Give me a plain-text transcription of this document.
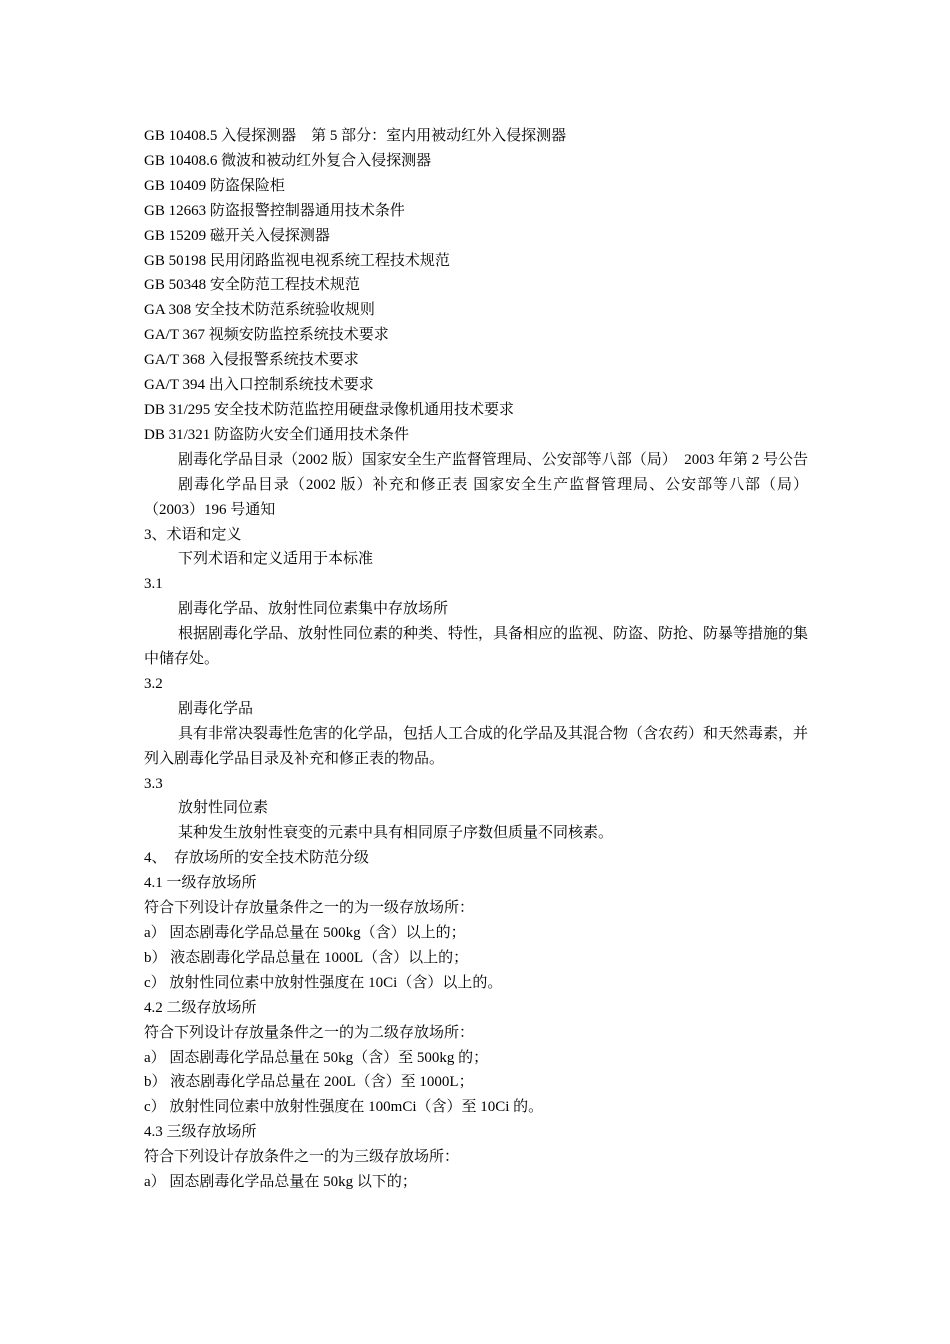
GB 10408.5 入侵探测器　第 5 部分：室内用被动红外入侵探测器
GB 10408.6 微波和被动红外复合入侵探测器
GB 10409 防盗保险柜
GB 12663 防盗报警控制器通用技术条件
GB 15209 磁开关入侵探测器
GB 50198 民用闭路监视电视系统工程技术规范
GB 50348 安全防范工程技术规范
GA 308 安全技术防范系统验收规则
GA/T 367 视频安防监控系统技术要求
GA/T 368 入侵报警系统技术要求
GA/T 394 出入口控制系统技术要求
DB 31/295 安全技术防范监控用硬盘录像机通用技术要求
DB 31/321 防盗防火安全们通用技术条件
剧毒化学品目录（2002 版）国家安全生产监督管理局、公安部等八部（局）　2003 年第 2 号公告
剧毒化学品目录（2002 版）补充和修正表 国家安全生产监督管理局、公安部等八部（局）（2003）196 号通知
3、术语和定义
下列术语和定义适用于本标准
3.1
剧毒化学品、放射性同位素集中存放场所
根据剧毒化学品、放射性同位素的种类、特性，具备相应的监视、防盗、防抢、防暴等措施的集中储存处。
3.2
剧毒化学品
具有非常决裂毒性危害的化学品，包括人工合成的化学品及其混合物（含农药）和天然毒素，并列入剧毒化学品目录及补充和修正表的物品。
3.3
放射性同位素
某种发生放射性衰变的元素中具有相同原子序数但质量不同核素。
4、　存放场所的安全技术防范分级
4.1 一级存放场所
符合下列设计存放量条件之一的为一级存放场所：
a） 固态剧毒化学品总量在 500kg（含）以上的；
b） 液态剧毒化学品总量在 1000L（含）以上的；
c） 放射性同位素中放射性强度在 10Ci（含）以上的。
4.2 二级存放场所
符合下列设计存放量条件之一的为二级存放场所：
a） 固态剧毒化学品总量在 50kg（含）至 500kg 的；
b） 液态剧毒化学品总量在 200L（含）至 1000L；
c） 放射性同位素中放射性强度在 100mCi（含）至 10Ci 的。
4.3 三级存放场所
符合下列设计存放条件之一的为三级存放场所：
a） 固态剧毒化学品总量在 50kg 以下的；
